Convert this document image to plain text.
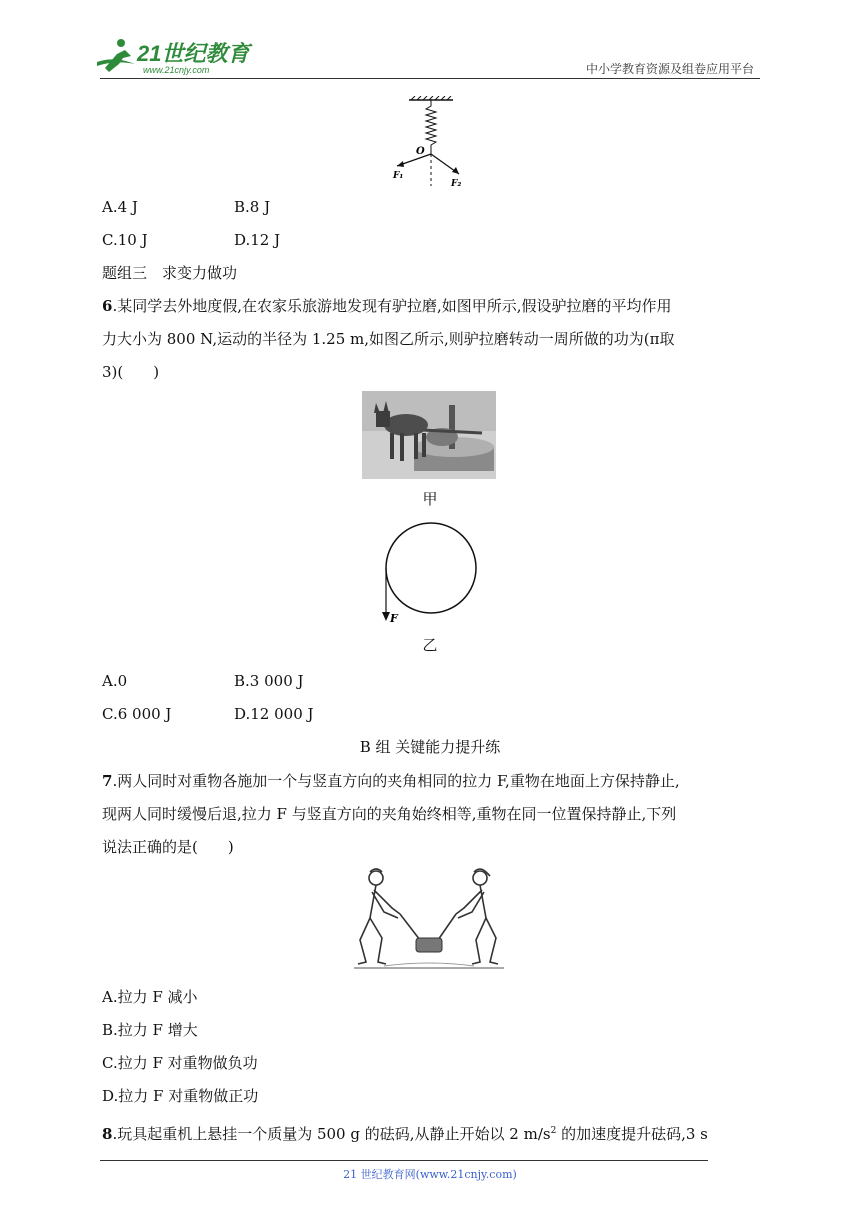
21世纪教育
www.21cnjy.com	中小学教育资源及组卷应用平台
O
F₁
F₂
A.4 J	B.8 J
C.10 J	D.12 J
题组三　求变力做功
6.某同学去外地度假,在农家乐旅游地发现有驴拉磨,如图甲所示,假设驴拉磨的平均作用
力大小为 800 N,运动的半径为 1.25 m,如图乙所示,则驴拉磨转动一周所做的功为(π取
3)(　　)
甲
F
乙
A.0	B.3 000 J
C.6 000 J	D.12 000 J
B 组 关键能力提升练
7.两人同时对重物各施加一个与竖直方向的夹角相同的拉力 F,重物在地面上方保持静止,
现两人同时缓慢后退,拉力 F 与竖直方向的夹角始终相等,重物在同一位置保持静止,下列
说法正确的是(　　)
A.拉力 F 减小
B.拉力 F 增大
C.拉力 F 对重物做负功
D.拉力 F 对重物做正功
8.玩具起重机上悬挂一个质量为 500 g 的砝码,从静止开始以 2 $m/s^2$ 的加速度提升砝码,3 s
21 世纪教育网(www.21cnjy.com)
